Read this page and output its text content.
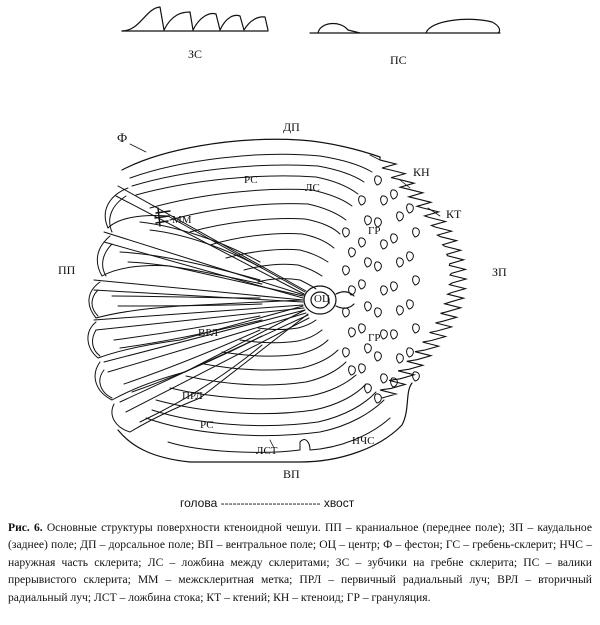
ЗС	ПС
Ф
ДП
КН
КТ
ЗП
РС
ЛС
ММ
ГР
ПП
ОЦ
ГР
ВРЛ
ПРЛ
РС
ЛСТ
НЧС
ВП
голова ------------------------- хвост
Рис. 6. Основные структуры поверхности ктеноидной чешуи. ПП – краниальное (переднее поле); ЗП – каудальное (заднее) поле; ДП – дорсальное поле; ВП – вентральное поле; ОЦ – центр; Ф – фестон; ГС – гребень-склерит; НЧС – наружная часть склерита; ЛС – ложбина между склеритами; ЗС – зубчики на гребне склерита; ПС – валики прерывистого склерита; ММ – межсклеритная метка; ПРЛ – первичный радиальный луч; ВРЛ – вторичный радиальный луч; ЛСТ – ложбина стока; КТ – ктений; КН – ктеноид; ГР – грануляция.
